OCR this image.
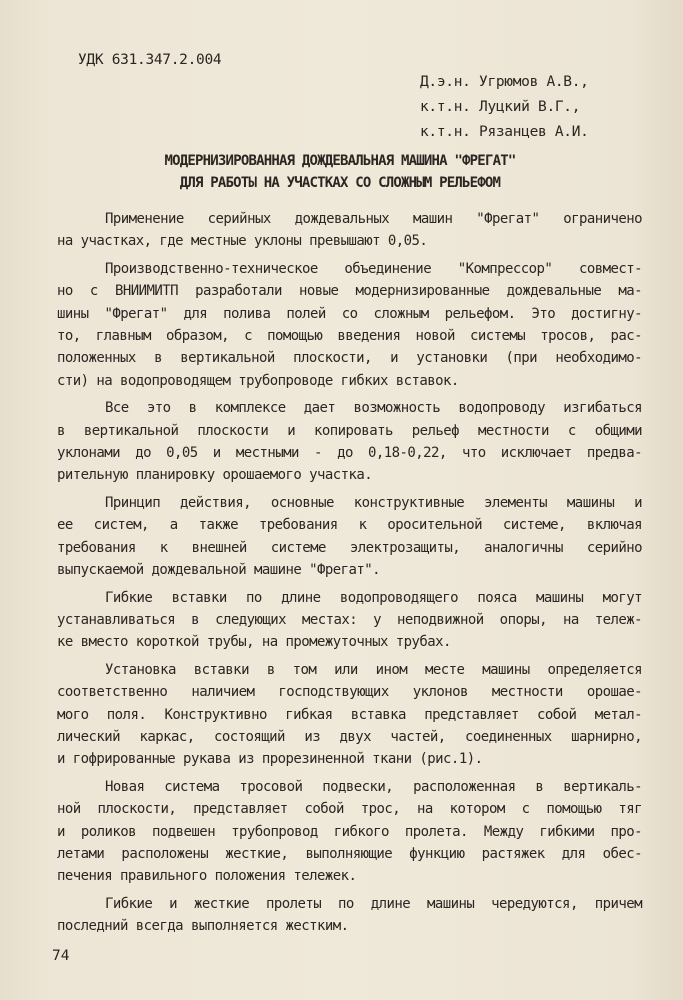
УДК 631.347.2.004
Д.э.н. Угрюмов А.В.,
к.т.н. Луцкий В.Г.,
к.т.н. Рязанцев А.И.
МОДЕРНИЗИРОВАННАЯ ДОЖДЕВАЛЬНАЯ МАШИНА "ФРЕГАТ"
ДЛЯ РАБОТЫ НА УЧАСТКАХ СО СЛОЖНЫМ РЕЛЬЕФОМ
Применение серийных дождевальных машин "Фрегат" ограничено
на участках, где местные уклоны превышают 0,05.
Производственно-техническое объединение "Компрессор" совмест-
но с ВНИИМИТП разработали новые модернизированные дождевальные ма-
шины "Фрегат" для полива полей со сложным рельефом. Это достигну-
то, главным образом, с помощью введения новой системы тросов, рас-
положенных в вертикальной плоскости, и установки (при необходимо-
сти) на водопроводящем трубопроводе гибких вставок.
Все это в комплексе дает возможность водопроводу изгибаться
в вертикальной плоскости и копировать рельеф местности с общими
уклонами до 0,05 и местными - до 0,18-0,22, что исключает предва-
рительную планировку орошаемого участка.
Принцип действия, основные конструктивные элементы машины и
ее систем, а также требования к оросительной системе, включая
требования к внешней системе электрозащиты, аналогичны серийно
выпускаемой дождевальной машине "Фрегат".
Гибкие вставки по длине водопроводящего пояса машины могут
устанавливаться в следующих местах: у неподвижной опоры, на тележ-
ке вместо короткой трубы, на промежуточных трубах.
Установка вставки в том или ином месте машины определяется
соответственно наличием господствующих уклонов местности орошае-
мого поля. Конструктивно гибкая вставка представляет собой метал-
лический каркас, состоящий из двух частей, соединенных шарнирно,
и гофрированные рукава из прорезиненной ткани (рис.1).
Новая система тросовой подвески, расположенная в вертикаль-
ной плоскости, представляет собой трос, на котором с помощью тяг
и роликов подвешен трубопровод гибкого пролета. Между гибкими про-
летами расположены жесткие, выполняющие функцию растяжек для обес-
печения правильного положения тележек.
Гибкие и жесткие пролеты по длине машины чередуются, причем
последний всегда выполняется жестким.
74
